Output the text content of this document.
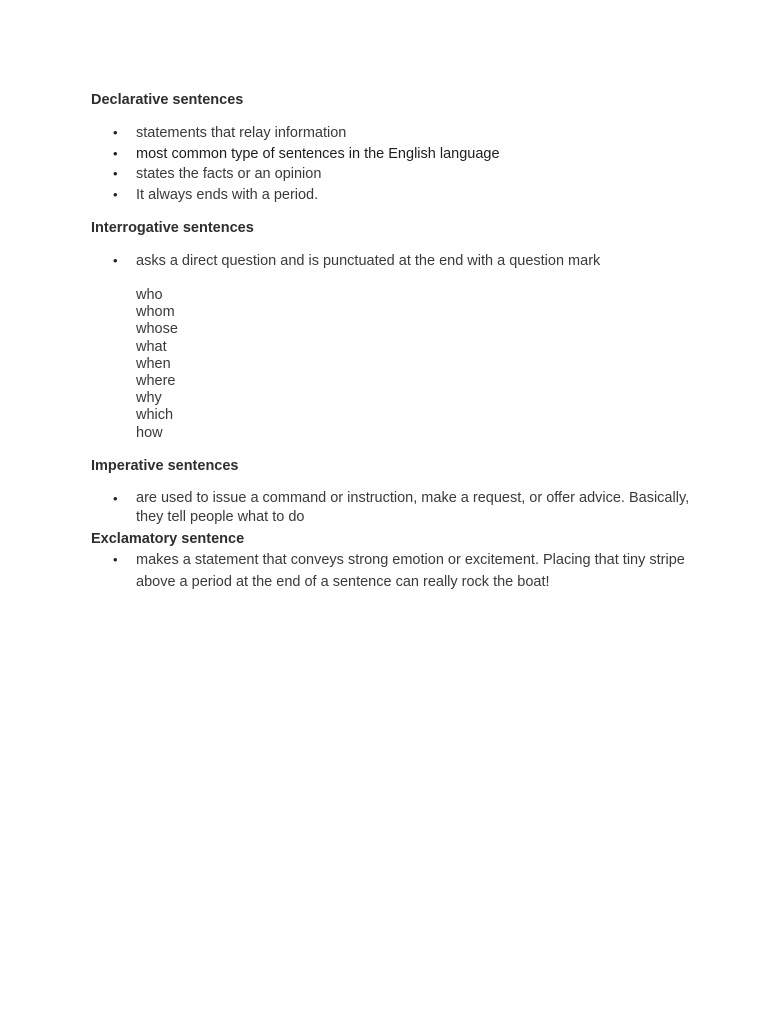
Declarative sentences

• statements that relay information
• most common type of sentences in the English language
• states the facts or an opinion
• It always ends with a period.

Interrogative sentences

• asks a direct question and is punctuated at the end with a question mark
who
whom
whose
what
when
where
why
which
how

Imperative sentences

• are used to issue a command or instruction, make a request, or offer advice. Basically, they tell people what to do

Exclamatory sentence

• makes a statement that conveys strong emotion or excitement. Placing that tiny stripe above a period at the end of a sentence can really rock the boat!
